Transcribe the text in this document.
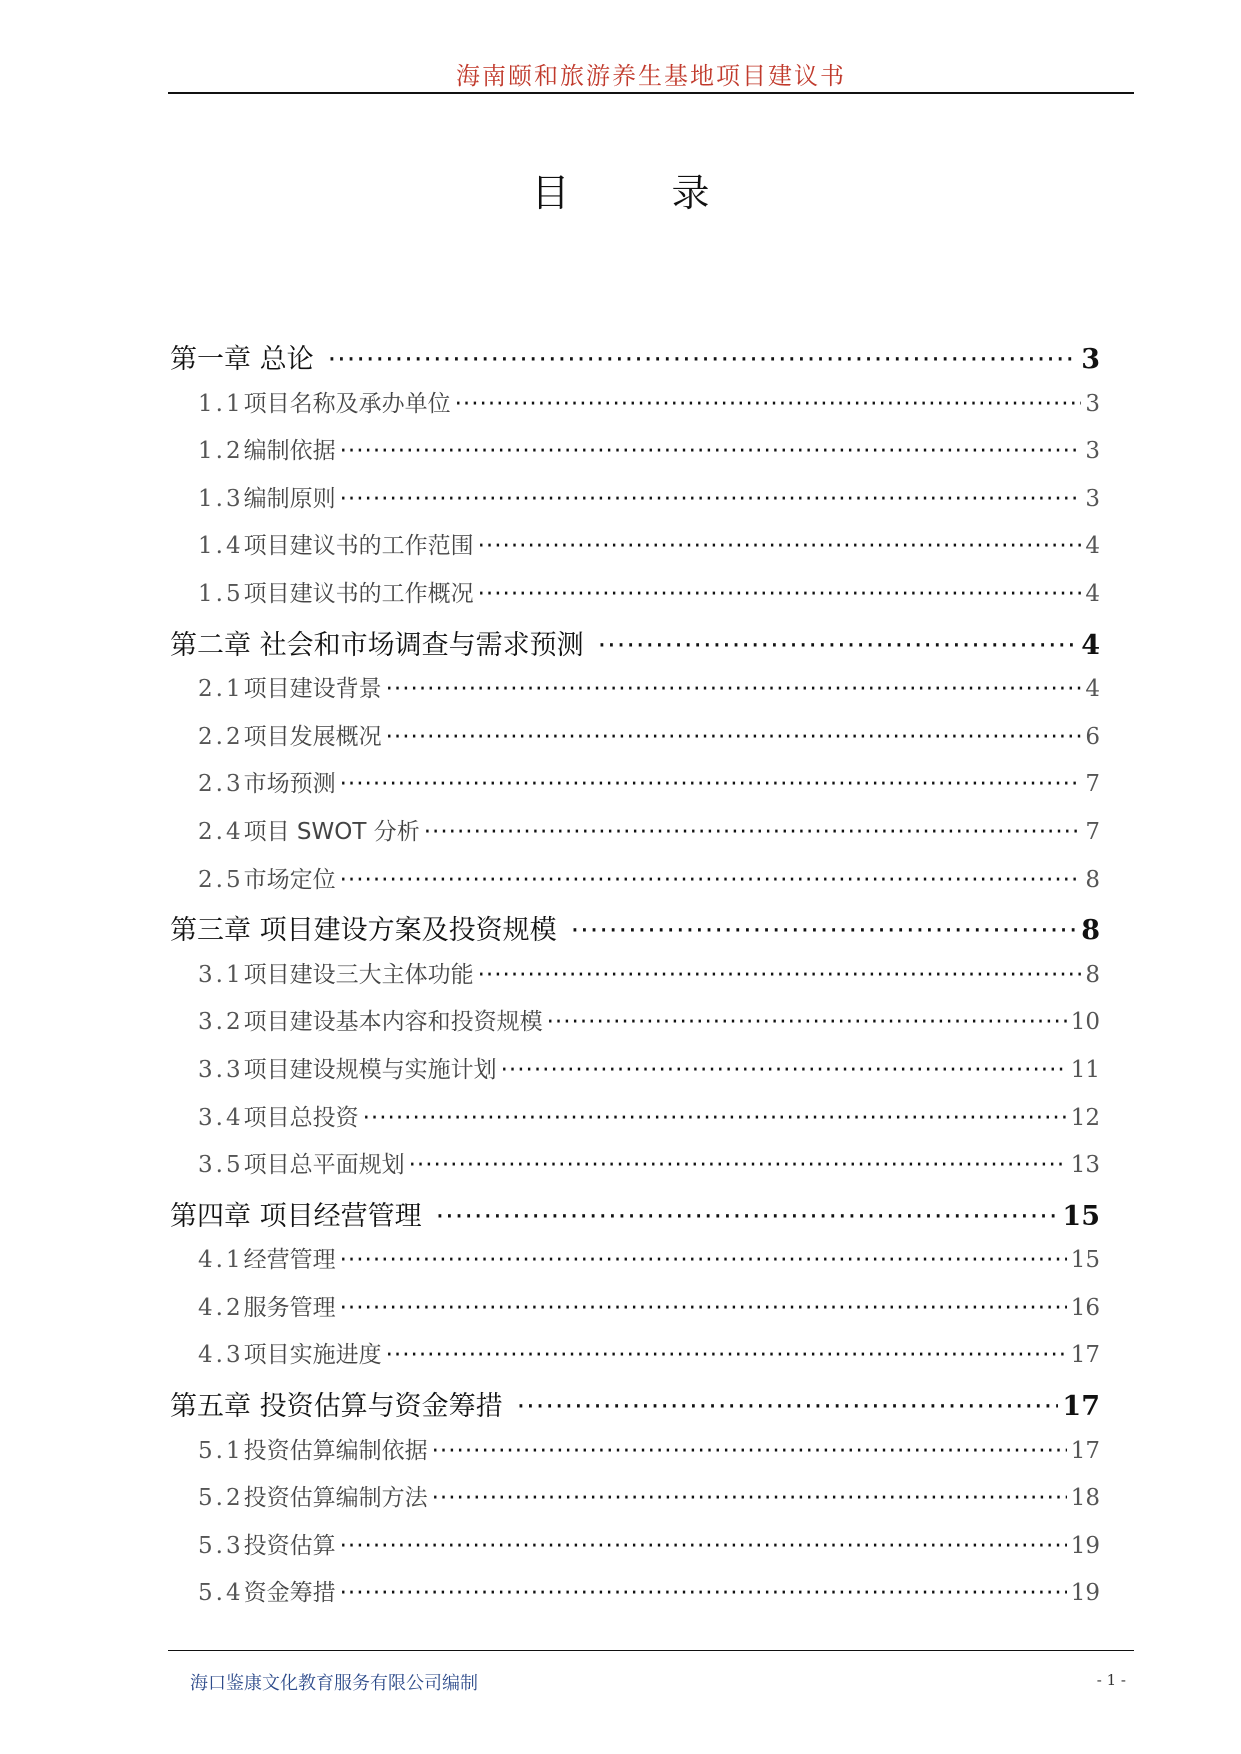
海南颐和旅游养生基地项目建议书
目 录
第一章 总论 ·····	3
1.1 项目名称及承办单位 ·····	3
1.2 编制依据 ·····	3
1.3 编制原则 ·····	3
1.4 项目建议书的工作范围 ·····	4
1.5 项目建议书的工作概况 ·····	4
第二章 社会和市场调查与需求预测 ·····	4
2.1 项目建设背景 ·····	4
2.2 项目发展概况 ·····	6
2.3 市场预测 ·····	7
2.4 项目 SWOT 分析 ·····	7
2.5 市场定位 ·····	8
第三章 项目建设方案及投资规模 ·····	8
3.1 项目建设三大主体功能 ·····	8
3.2 项目建设基本内容和投资规模 ·····	10
3.3 项目建设规模与实施计划 ·····	11
3.4 项目总投资 ·····	12
3.5 项目总平面规划 ·····	13
第四章 项目经营管理 ·····	15
4.1 经营管理 ·····	15
4.2 服务管理 ·····	16
4.3 项目实施进度 ·····	17
第五章 投资估算与资金筹措 ·····	17
5.1 投资估算编制依据 ·····	17
5.2 投资估算编制方法 ·····	18
5.3 投资估算 ·····	19
5.4 资金筹措 ·····	19
海口鉴康文化教育服务有限公司编制	- 1 -
